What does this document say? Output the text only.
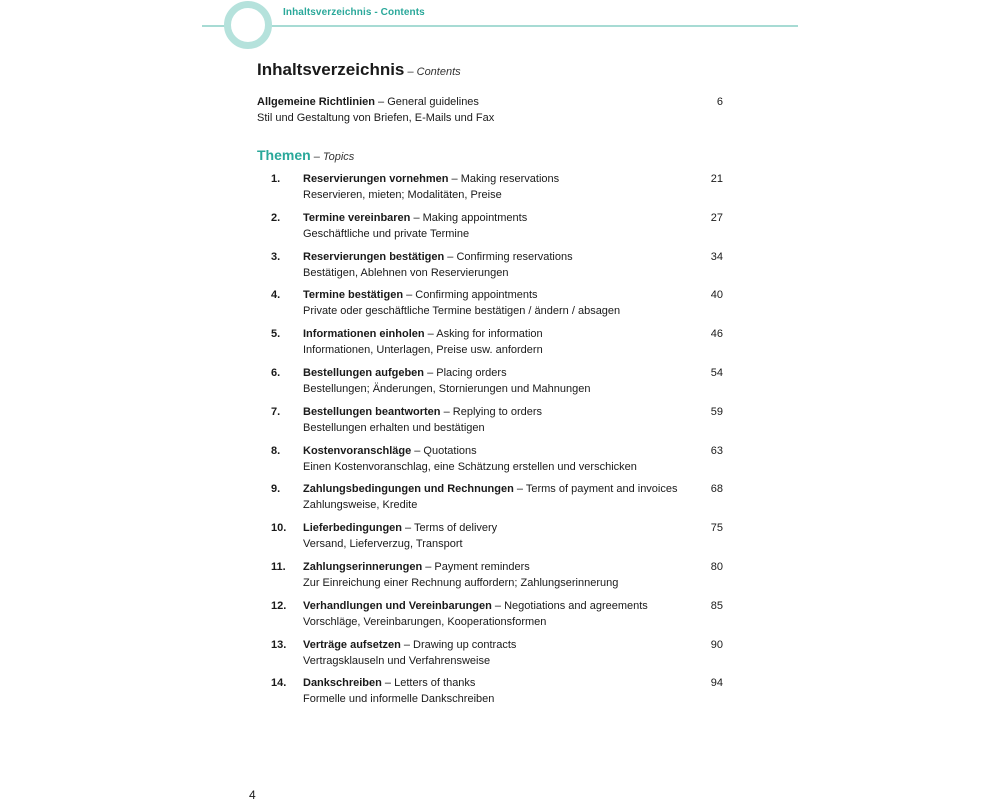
Inhaltsverzeichnis - Contents
Inhaltsverzeichnis – Contents
Allgemeine Richtlinien – General guidelines
Stil und Gestaltung von Briefen, E-Mails und Fax
6
Themen – Topics
1. Reservierungen vornehmen – Making reservations
Reservieren, mieten; Modalitäten, Preise
21
2. Termine vereinbaren – Making appointments
Geschäftliche und private Termine
27
3. Reservierungen bestätigen – Confirming reservations
Bestätigen, Ablehnen von Reservierungen
34
4. Termine bestätigen – Confirming appointments
Private oder geschäftliche Termine bestätigen / ändern / absagen
40
5. Informationen einholen – Asking for information
Informationen, Unterlagen, Preise usw. anfordern
46
6. Bestellungen aufgeben – Placing orders
Bestellungen; Änderungen, Stornierungen und Mahnungen
54
7. Bestellungen beantworten – Replying to orders
Bestellungen erhalten und bestätigen
59
8. Kostenvoranschläge – Quotations
Einen Kostenvoranschlag, eine Schätzung erstellen und verschicken
63
9. Zahlungsbedingungen und Rechnungen – Terms of payment and invoices
Zahlungsweise, Kredite
68
10. Lieferbedingungen – Terms of delivery
Versand, Lieferverzug, Transport
75
11. Zahlungserinnerungen – Payment reminders
Zur Einreichung einer Rechnung auffordern; Zahlungserinnerung
80
12. Verhandlungen und Vereinbarungen – Negotiations and agreements
Vorschläge, Vereinbarungen, Kooperationsformen
85
13. Verträge aufsetzen – Drawing up contracts
Vertragsklauseln und Verfahrensweise
90
14. Dankschreiben – Letters of thanks
Formelle und informelle Dankschreiben
94
4
